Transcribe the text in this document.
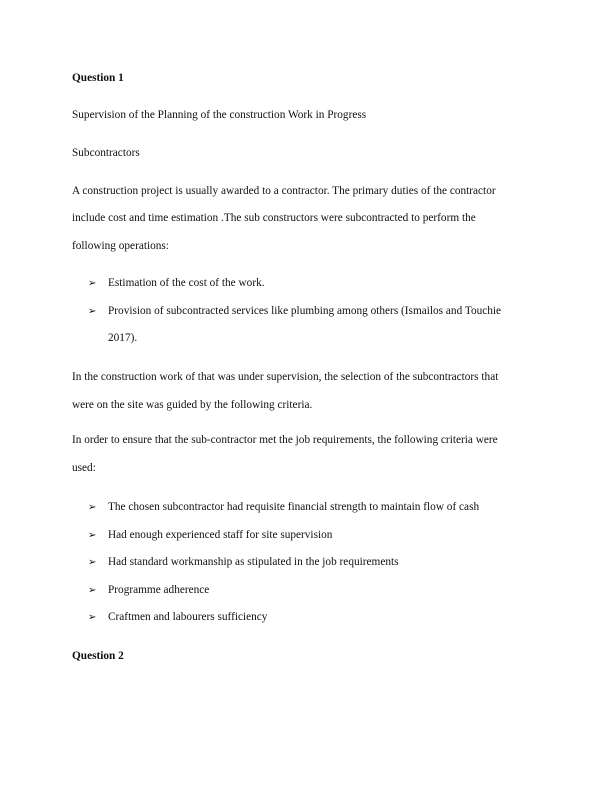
Question 1
Supervision of the Planning of the construction Work in Progress
Subcontractors
A construction project is usually awarded to a contractor. The primary duties of the contractor
include cost and time estimation .The sub constructors were subcontracted to perform the
following operations:
➢ Estimation of the cost of the work.
➢ Provision of subcontracted services like plumbing among others (Ismailos and Touchie
2017).
In the construction work of that was under supervision, the selection of the subcontractors that
were on the site was guided by the following criteria.
In order to ensure that the sub-contractor met the job requirements, the following criteria were
used:
➢ The chosen subcontractor had requisite financial strength to maintain flow of cash
➢ Had enough experienced staff for site supervision
➢ Had standard workmanship as stipulated in the job requirements
➢ Programme adherence
➢ Craftmen and labourers sufficiency
Question 2
